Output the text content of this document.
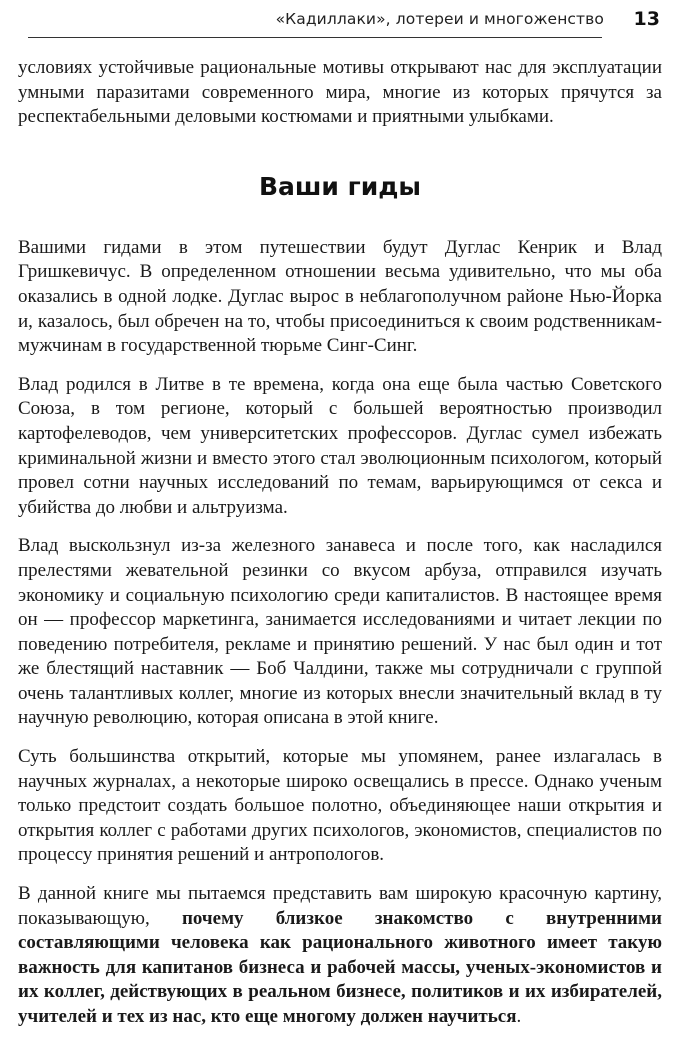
«Кадиллаки», лотереи и многоженство 13

условиях устойчивые рациональные мотивы открывают нас для эксплуатации умными паразитами современного мира, многие из которых прячутся за респектабельными деловыми костюмами и приятными улыбками.

Ваши гиды

Вашими гидами в этом путешествии будут Дуглас Кенрик и Влад Гришкевичус. В определенном отношении весьма удивительно, что мы оба оказались в одной лодке. Дуглас вырос в неблагополучном районе Нью-Йорка и, казалось, был обречен на то, чтобы присоединиться к своим родственникам-мужчинам в государственной тюрьме Синг-Синг.

Влад родился в Литве в те времена, когда она еще была частью Советского Союза, в том регионе, который с большей вероятностью производил картофелеводов, чем университетских профессоров. Дуглас сумел избежать криминальной жизни и вместо этого стал эволюционным психологом, который провел сотни научных исследований по темам, варьирующимся от секса и убийства до любви и альтруизма.

Влад выскользнул из-за железного занавеса и после того, как насладился прелестями жевательной резинки со вкусом арбуза, отправился изучать экономику и социальную психологию среди капиталистов. В настоящее время он — профессор маркетинга, занимается исследованиями и читает лекции по поведению потребителя, рекламе и принятию решений. У нас был один и тот же блестящий наставник — Боб Чалдини, также мы сотрудничали с группой очень талантливых коллег, многие из которых внесли значительный вклад в ту научную революцию, которая описана в этой книге.

Суть большинства открытий, которые мы упомянем, ранее излагалась в научных журналах, а некоторые широко освещались в прессе. Однако ученым только предстоит создать большое полотно, объединяющее наши открытия и открытия коллег с работами других психологов, экономистов, специалистов по процессу принятия решений и антропологов.

В данной книге мы пытаемся представить вам широкую красочную картину, показывающую, почему близкое знакомство с внутренними составляющими человека как рационального животного имеет такую важность для капитанов бизнеса и рабочей массы, ученых-экономистов и их коллег, действующих в реальном бизнесе, политиков и их избирателей, учителей и тех из нас, кто еще многому должен научиться.
